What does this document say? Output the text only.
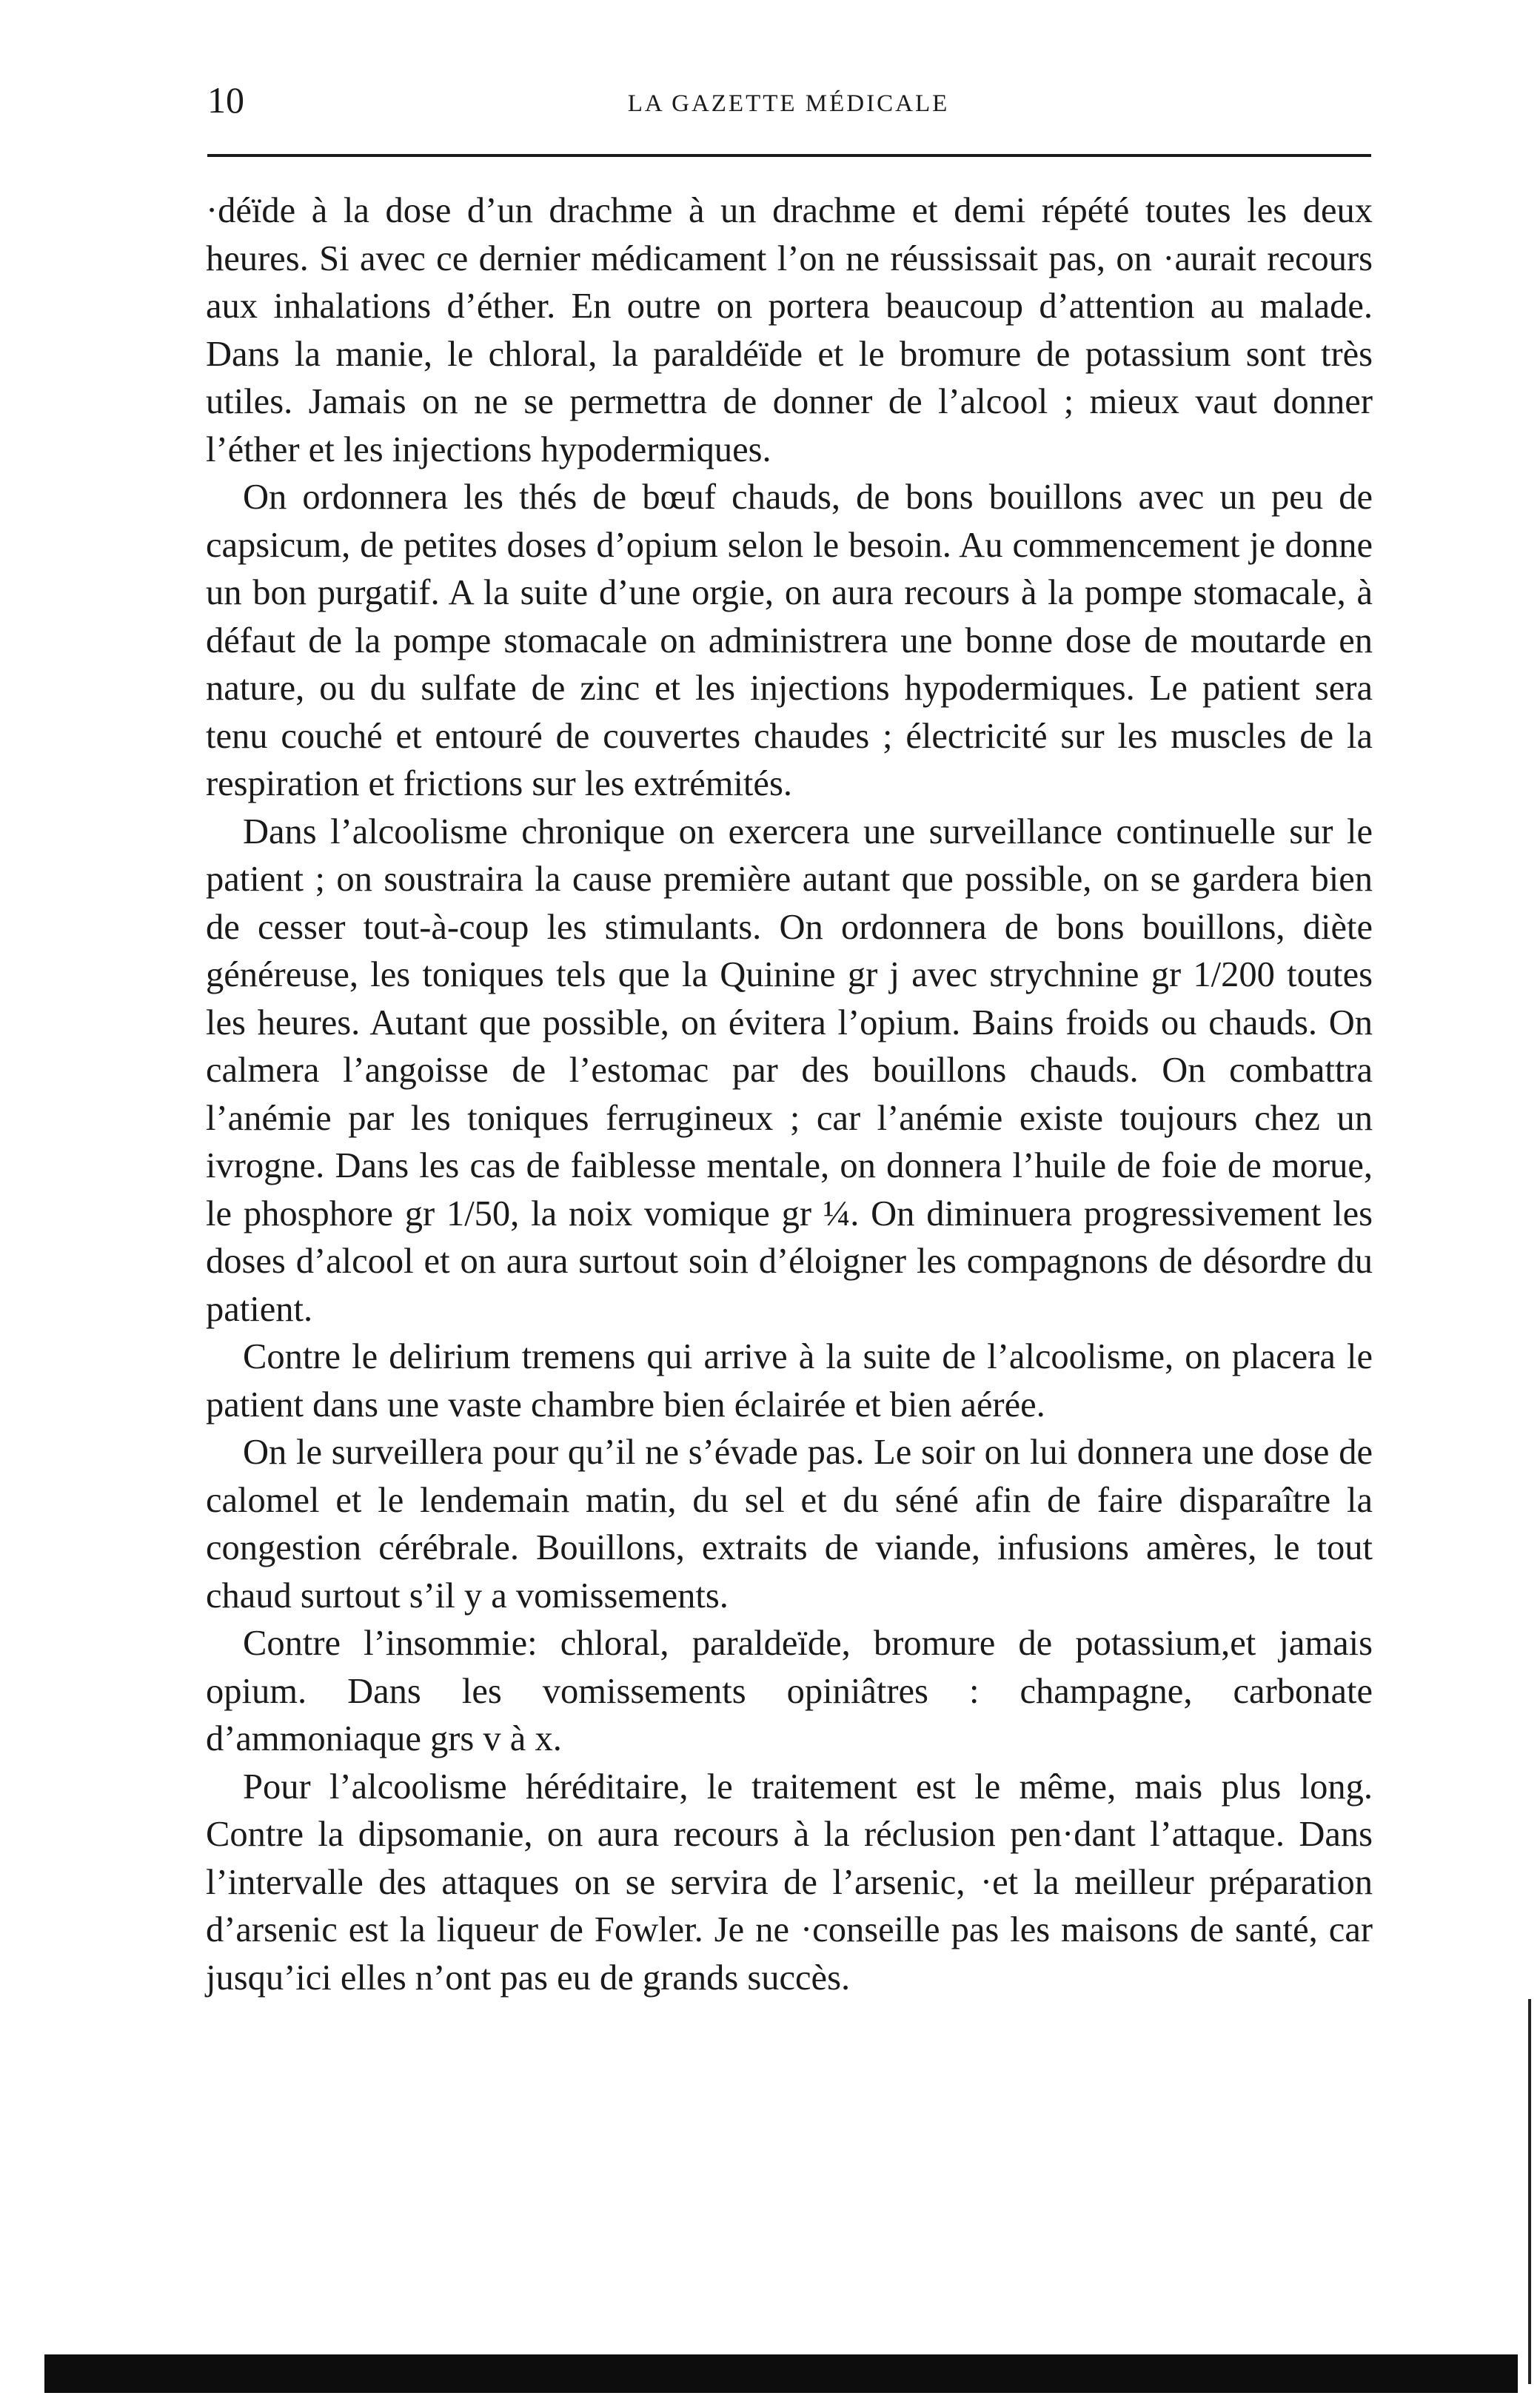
10	LA GAZETTE MÉDICALE

·déïde à la dose d’un drachme à un drachme et demi répété toutes les deux heures. Si avec ce dernier médicament l’on ne réussissait pas, on ·aurait recours aux inhalations d’éther. En outre on portera beaucoup d’attention au malade. Dans la manie, le chloral, la paraldéïde et le bromure de potassium sont très utiles. Jamais on ne se permettra de donner de l’alcool ; mieux vaut donner l’éther et les injections hypodermiques.

On ordonnera les thés de bœuf chauds, de bons bouillons avec un peu de capsicum, de petites doses d’opium selon le besoin. Au commencement je donne un bon purgatif. A la suite d’une orgie, on aura recours à la pompe stomacale, à défaut de la pompe stomacale on administrera une bonne dose de moutarde en nature, ou du sulfate de zinc et les injections hypodermiques. Le patient sera tenu couché et entouré de couvertes chaudes ; électricité sur les muscles de la respiration et frictions sur les extrémités.

Dans l’alcoolisme chronique on exercera une surveillance continuelle sur le patient ; on soustraira la cause première autant que possible, on se gardera bien de cesser tout-à-coup les stimulants. On ordonnera de bons bouillons, diète généreuse, les toniques tels que la Quinine gr j avec strychnine gr 1/200 toutes les heures. Autant que possible, on évitera l’opium. Bains froids ou chauds. On calmera l’angoisse de l’estomac par des bouillons chauds. On combattra l’anémie par les toniques ferrugineux ; car l’anémie existe toujours chez un ivrogne. Dans les cas de faiblesse mentale, on donnera l’huile de foie de morue, le phosphore gr 1/50, la noix vomique gr ¼. On diminuera progressivement les doses d’alcool et on aura surtout soin d’éloigner les compagnons de désordre du patient.

Contre le delirium tremens qui arrive à la suite de l’alcoolisme, on placera le patient dans une vaste chambre bien éclairée et bien aérée.

On le surveillera pour qu’il ne s’évade pas. Le soir on lui donnera une dose de calomel et le lendemain matin, du sel et du séné afin de faire disparaître la congestion cérébrale. Bouillons, extraits de viande, infusions amères, le tout chaud surtout s’il y a vomissements.

Contre l’insommie: chloral, paraldeïde, bromure de potassium,et jamais opium. Dans les vomissements opiniâtres : champagne, carbonate d’ammoniaque grs v à x.

Pour l’alcoolisme héréditaire, le traitement est le même, mais plus long. Contre la dipsomanie, on aura recours à la réclusion pen·dant l’attaque. Dans l’intervalle des attaques on se servira de l’arsenic, ·et la meilleur préparation d’arsenic est la liqueur de Fowler. Je ne ·conseille pas les maisons de santé, car jusqu’ici elles n’ont pas eu de grands succès.
